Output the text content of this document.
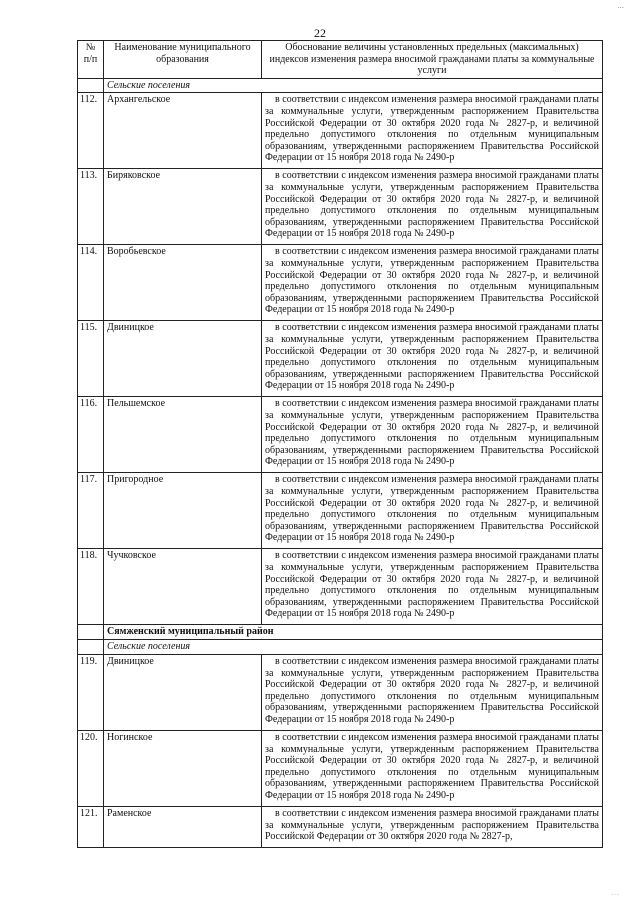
...
22
№ п/п	Наименование муниципального образования	Обоснование величины установленных предельных (максимальных) индексов изменения размера вносимой гражданами платы за коммунальные услуги
	Сельские поселения	
112.	Архангельское	в соответствии с индексом изменения размера вносимой гражданами платы за коммунальные услуги, утвержденным распоряжением Правительства Российской Федерации от 30 октября 2020 года № 2827-р, и величиной предельно допустимого отклонения по отдельным муниципальным образованиям, утвержденными распоряжением Правительства Российской Федерации от 15 ноября 2018 года № 2490-р
113.	Биряковское	в соответствии с индексом изменения размера вносимой гражданами платы за коммунальные услуги, утвержденным распоряжением Правительства Российской Федерации от 30 октября 2020 года № 2827-р, и величиной предельно допустимого отклонения по отдельным муниципальным образованиям, утвержденными распоряжением Правительства Российской Федерации от 15 ноября 2018 года № 2490-р
114.	Воробьевское	в соответствии с индексом изменения размера вносимой гражданами платы за коммунальные услуги, утвержденным распоряжением Правительства Российской Федерации от 30 октября 2020 года № 2827-р, и величиной предельно допустимого отклонения по отдельным муниципальным образованиям, утвержденными распоряжением Правительства Российской Федерации от 15 ноября 2018 года № 2490-р
115.	Двиницкое	в соответствии с индексом изменения размера вносимой гражданами платы за коммунальные услуги, утвержденным распоряжением Правительства Российской Федерации от 30 октября 2020 года № 2827-р, и величиной предельно допустимого отклонения по отдельным муниципальным образованиям, утвержденными распоряжением Правительства Российской Федерации от 15 ноября 2018 года № 2490-р
116.	Пельшемское	в соответствии с индексом изменения размера вносимой гражданами платы за коммунальные услуги, утвержденным распоряжением Правительства Российской Федерации от 30 октября 2020 года № 2827-р, и величиной предельно допустимого отклонения по отдельным муниципальным образованиям, утвержденными распоряжением Правительства Российской Федерации от 15 ноября 2018 года № 2490-р
117.	Пригородное	в соответствии с индексом изменения размера вносимой гражданами платы за коммунальные услуги, утвержденным распоряжением Правительства Российской Федерации от 30 октября 2020 года № 2827-р, и величиной предельно допустимого отклонения по отдельным муниципальным образованиям, утвержденными распоряжением Правительства Российской Федерации от 15 ноября 2018 года № 2490-р
118.	Чучковское	в соответствии с индексом изменения размера вносимой гражданами платы за коммунальные услуги, утвержденным распоряжением Правительства Российской Федерации от 30 октября 2020 года № 2827-р, и величиной предельно допустимого отклонения по отдельным муниципальным образованиям, утвержденными распоряжением Правительства Российской Федерации от 15 ноября 2018 года № 2490-р
	Сямженский муниципальный район	
	Сельские поселения	
119.	Двиницкое	в соответствии с индексом изменения размера вносимой гражданами платы за коммунальные услуги, утвержденным распоряжением Правительства Российской Федерации от 30 октября 2020 года № 2827-р, и величиной предельно допустимого отклонения по отдельным муниципальным образованиям, утвержденными распоряжением Правительства Российской Федерации от 15 ноября 2018 года № 2490-р
120.	Ногинское	в соответствии с индексом изменения размера вносимой гражданами платы за коммунальные услуги, утвержденным распоряжением Правительства Российской Федерации от 30 октября 2020 года № 2827-р, и величиной предельно допустимого отклонения по отдельным муниципальным образованиям, утвержденными распоряжением Правительства Российской Федерации от 15 ноября 2018 года № 2490-р
121.	Раменское	в соответствии с индексом изменения размера вносимой гражданами платы за коммунальные услуги, утвержденным распоряжением Правительства Российской Федерации от 30 октября 2020 года № 2827-р,
...
